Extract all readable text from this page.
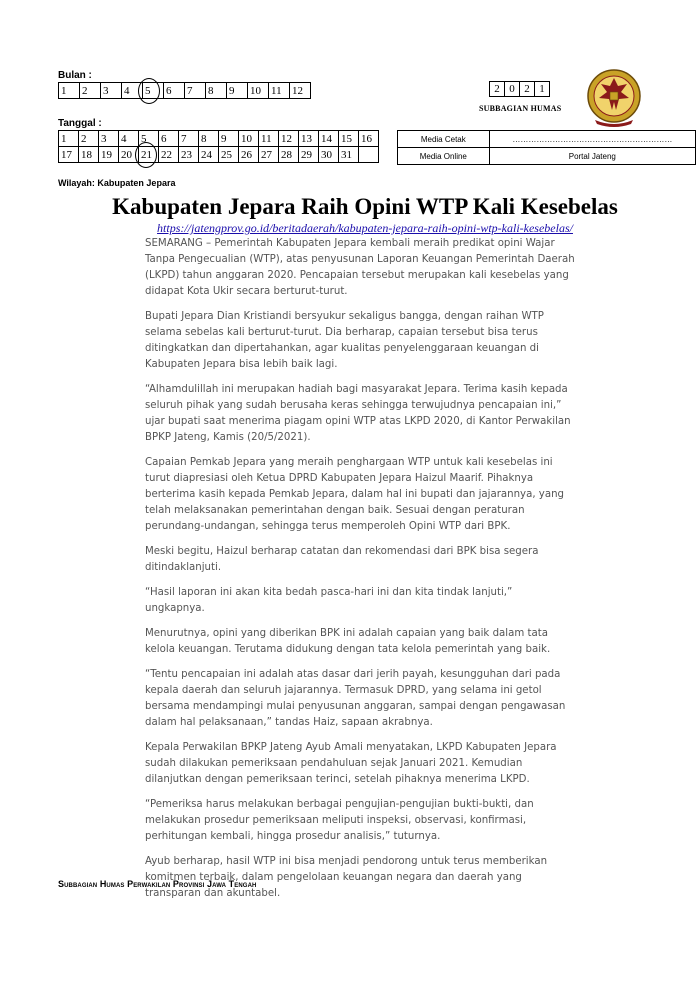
Bulan :
1	2	3	4	5	6	7	8	9	10	11	12
Tanggal :
1	2	3	4	5	6	7	8	9	10	11	12	13	14	15	16
17	18	19	20	21	22	23	24	25	26	27	28	29	30	31	
2	0	2	1
SUBBAGIAN HUMAS
Media Cetak	……………………………………………………
Media Online	Portal Jateng
Wilayah: Kabupaten Jepara
Kabupaten Jepara Raih Opini WTP Kali Kesebelas
https://jatengprov.go.id/beritadaerah/kabupaten-jepara-raih-opini-wtp-kali-kesebelas/

SEMARANG – Pemerintah Kabupaten Jepara kembali meraih predikat opini Wajar Tanpa Pengecualian (WTP), atas penyusunan Laporan Keuangan Pemerintah Daerah (LKPD) tahun anggaran 2020. Pencapaian tersebut merupakan kali kesebelas yang didapat Kota Ukir secara berturut-turut.

Bupati Jepara Dian Kristiandi bersyukur sekaligus bangga, dengan raihan WTP selama sebelas kali berturut-turut. Dia berharap, capaian tersebut bisa terus ditingkatkan dan dipertahankan, agar kualitas penyelenggaraan keuangan di Kabupaten Jepara bisa lebih baik lagi.

“Alhamdulillah ini merupakan hadiah bagi masyarakat Jepara. Terima kasih kepada seluruh pihak yang sudah berusaha keras sehingga terwujudnya pencapaian ini,” ujar bupati saat menerima piagam opini WTP atas LKPD 2020, di Kantor Perwakilan BPKP Jateng, Kamis (20/5/2021).

Capaian Pemkab Jepara yang meraih penghargaan WTP untuk kali kesebelas ini turut diapresiasi oleh Ketua DPRD Kabupaten Jepara Haizul Maarif. Pihaknya berterima kasih kepada Pemkab Jepara, dalam hal ini bupati dan jajarannya, yang telah melaksanakan pemerintahan dengan baik. Sesuai dengan peraturan perundang-undangan, sehingga terus memperoleh Opini WTP dari BPK.

Meski begitu, Haizul berharap catatan dan rekomendasi dari BPK bisa segera ditindaklanjuti.

“Hasil laporan ini akan kita bedah pasca-hari ini dan kita tindak lanjuti,” ungkapnya.

Menurutnya, opini yang diberikan BPK ini adalah capaian yang baik dalam tata kelola keuangan. Terutama didukung dengan tata kelola pemerintah yang baik.

“Tentu pencapaian ini adalah atas dasar dari jerih payah, kesungguhan dari pada kepala daerah dan seluruh jajarannya. Termasuk DPRD, yang selama ini getol bersama mendampingi mulai penyusunan anggaran, sampai dengan pengawasan dalam hal pelaksanaan,” tandas Haiz, sapaan akrabnya.

Kepala Perwakilan BPKP Jateng Ayub Amali menyatakan, LKPD Kabupaten Jepara sudah dilakukan pemeriksaan pendahuluan sejak Januari 2021. Kemudian dilanjutkan dengan pemeriksaan terinci, setelah pihaknya menerima LKPD.

“Pemeriksa harus melakukan berbagai pengujian-pengujian bukti-bukti, dan melakukan prosedur pemeriksaan meliputi inspeksi, observasi, konfirmasi, perhitungan kembali, hingga prosedur analisis,” tuturnya.

Ayub berharap, hasil WTP ini bisa menjadi pendorong untuk terus memberikan komitmen terbaik, dalam pengelolaan keuangan negara dan daerah yang transparan dan akuntabel.

Subbagian Humas Perwakilan Provinsi Jawa Tengah
